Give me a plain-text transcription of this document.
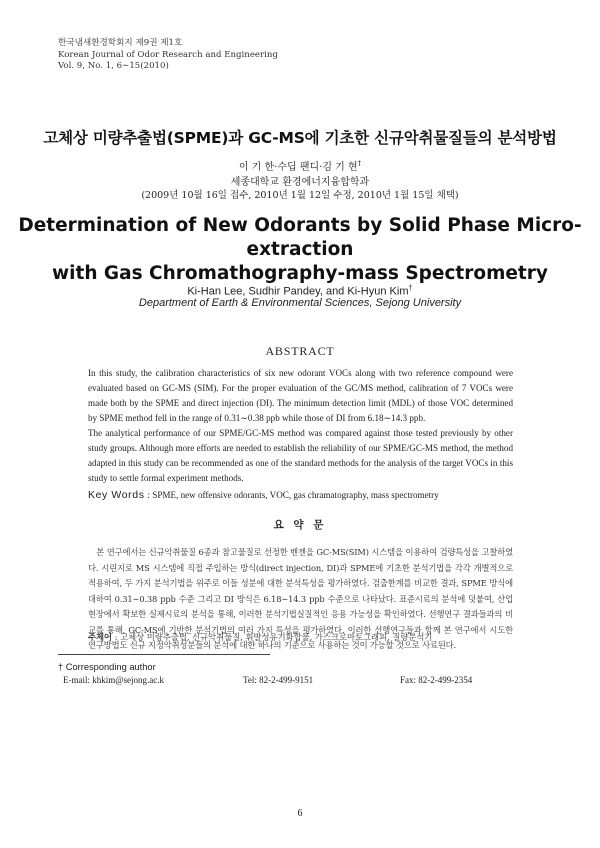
한국냄새환경학회지 제9권 제1호
Korean Journal of Odor Research and Engineering
Vol. 9, No. 1, 6∼15(2010)
고체상 미량추출법(SPME)과 GC-MS에 기초한 신규악취물질들의 분석방법
이 기 한·수딥 팬디·김 기 현†
세종대학교 환경에너지융합학과
(2009년 10월 16일 접수, 2010년 1월 12일 수정, 2010년 1월 15일 채택)
Determination of New Odorants by Solid Phase Micro-extraction
with Gas Chromathography-mass Spectrometry
Ki-Han Lee, Sudhir Pandey, and Ki-Hyun Kim†
Department of Earth & Environmental Sciences, Sejong University
ABSTRACT

In this study, the calibration characteristics of six new odorant VOCs along with two reference compound were evaluated based on GC-MS (SIM). For the proper evaluation of the GC/MS method, calibration of 7 VOCs were made both by the SPME and direct injection (DI). The minimum detection limit (MDL) of those VOC determined by SPME method fell in the range of 0.31∼0.38 ppb while those of DI from 6.18∼14.3 ppb.

The analytical performance of our SPME/GC-MS method was compared against those tested previously by other study groups. Although more efforts are needed to establish the reliability of our SPME/GC-MS method, the method adapted in this study can be recommended as one of the standard methods for the analysis of the target VOCs in this study to settle formal experiment methods.

Key Words : SPME, new offensive odorants, VOC, gas chramatography, mass spectrometry
요 약 문

본 연구에서는 신규악취물질 6종과 참고물질로 선정한 벤젠을 GC-MS(SIM) 시스템을 이용하여 검량특성을 고찰하였다. 시린지로 MS 시스템에 직접 주입하는 방식(direct injection, DI)과 SPME에 기초한 분석기법을 각각 개별적으로 적용하여, 두 가지 분석기법을 위주로 이들 성분에 대한 분석특성을 평가하였다. 검출한계를 비교한 결과, SPME 방식에 대하여 0.31∼0.38 ppb 수준 그리고 DI 방식은 6.18∼14.3 ppb 수준으로 나타났다. 표준시료의 분석에 덧붙여, 산업현장에서 확보한 실제시료의 분석을 통해, 이러한 분석기법실질적인 응용 가능성을 확인하였다. 선행연구 결과들과의 비교를 통해, GC-MS에 기반한 분석기법의 여러 가지 특성을 평가하였다. 이러한 선행연구들과 함께 본 연구에서 시도한 연구방법도 신규 지정악취성분들의 분석에 대한 하나의 기준으로 사용하는 것이 가능할 것으로 사료된다.

주제어 : 고체상 미량추출법, 신규악취물질, 휘발성유기화합물, 가스크로마토그래피, 질량분석기
† Corresponding author
E-mail: khkim@sejong.ac.k	Tel: 82-2-499-9151	Fax: 82-2-499-2354
6
